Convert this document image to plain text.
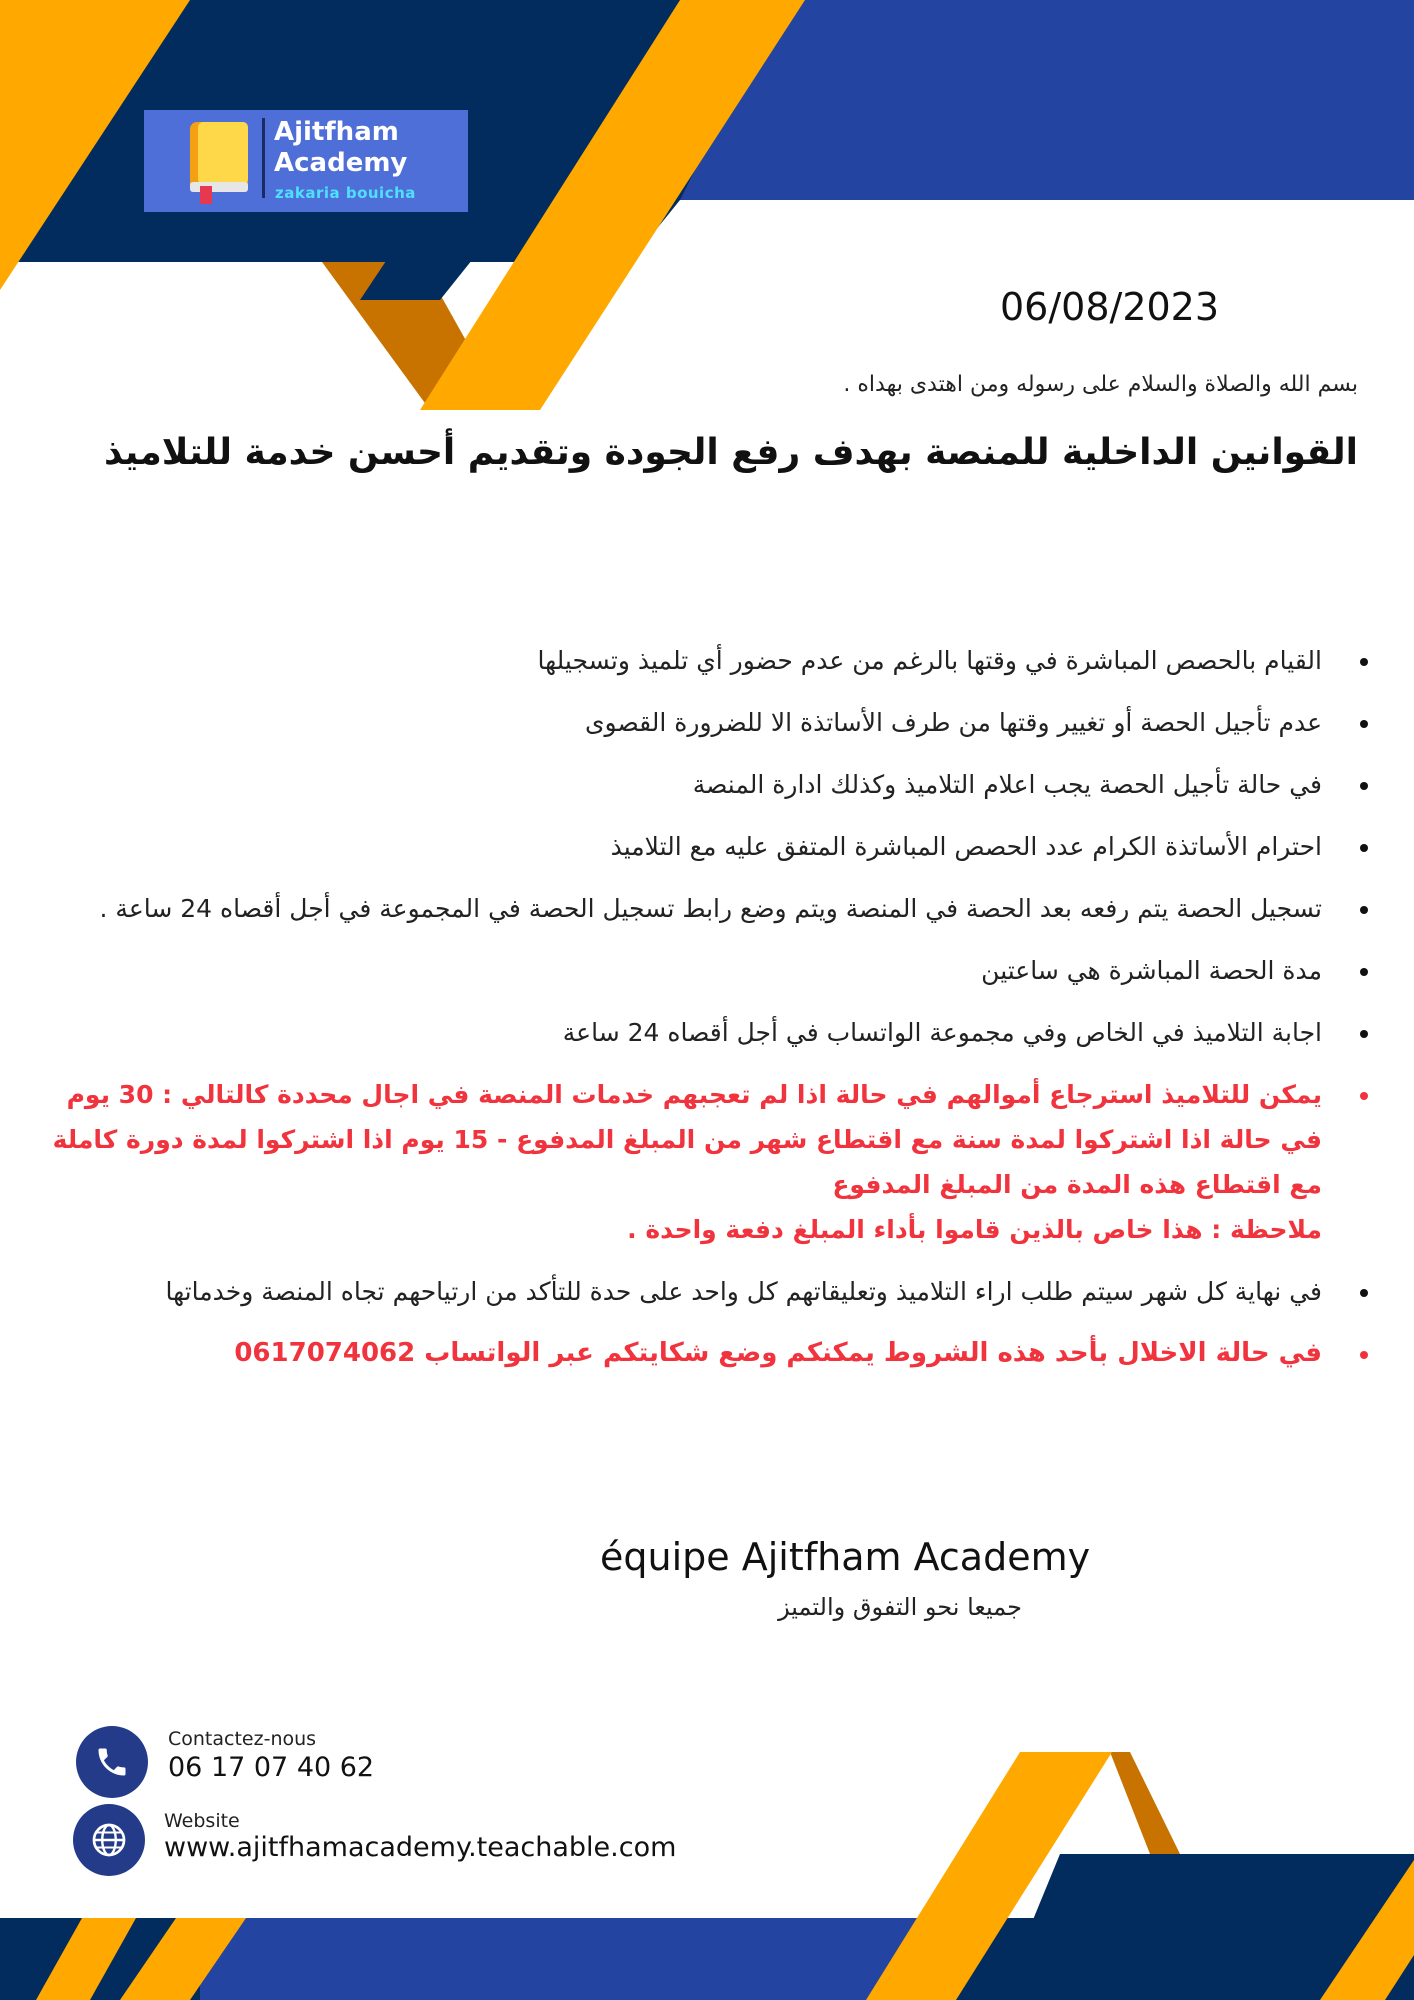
Ajitfham
Academy
zakaria bouicha
06/08/2023
بسم الله والصلاة والسلام على رسوله ومن اهتدى بهداه .
القوانين الداخلية للمنصة بهدف رفع الجودة وتقديم أحسن خدمة للتلاميذ
القيام بالحصص المباشرة في وقتها بالرغم من عدم حضور أي تلميذ وتسجيلها
عدم تأجيل الحصة أو تغيير وقتها من طرف الأساتذة الا للضرورة القصوى
في حالة تأجيل الحصة يجب اعلام التلاميذ وكذلك ادارة المنصة
احترام الأساتذة الكرام عدد الحصص المباشرة المتفق عليه مع التلاميذ
تسجيل الحصة يتم رفعه بعد الحصة في المنصة ويتم وضع رابط تسجيل الحصة في المجموعة في أجل أقصاه 24 ساعة .
مدة الحصة المباشرة هي ساعتين
اجابة التلاميذ في الخاص وفي مجموعة الواتساب في أجل أقصاه 24 ساعة
يمكن للتلاميذ استرجاع أموالهم في حالة اذا لم تعجبهم خدمات المنصة في اجال محددة كالتالي : 30 يوم في حالة اذا اشتركوا لمدة سنة مع اقتطاع شهر من المبلغ المدفوع - 15 يوم اذا اشتركوا لمدة دورة كاملة مع اقتطاع هذه المدة من المبلغ المدفوع
ملاحظة : هذا خاص بالذين قاموا بأداء المبلغ دفعة واحدة .
في نهاية كل شهر سيتم طلب اراء التلاميذ وتعليقاتهم كل واحد على حدة للتأكد من ارتياحهم تجاه المنصة وخدماتها
في حالة الاخلال بأحد هذه الشروط يمكنكم وضع شكايتكم عبر الواتساب 0617074062
équipe Ajitfham Academy
جميعا نحو التفوق والتميز
Contactez-nous
06 17 07 40 62
Website
www.ajitfhamacademy.teachable.com
